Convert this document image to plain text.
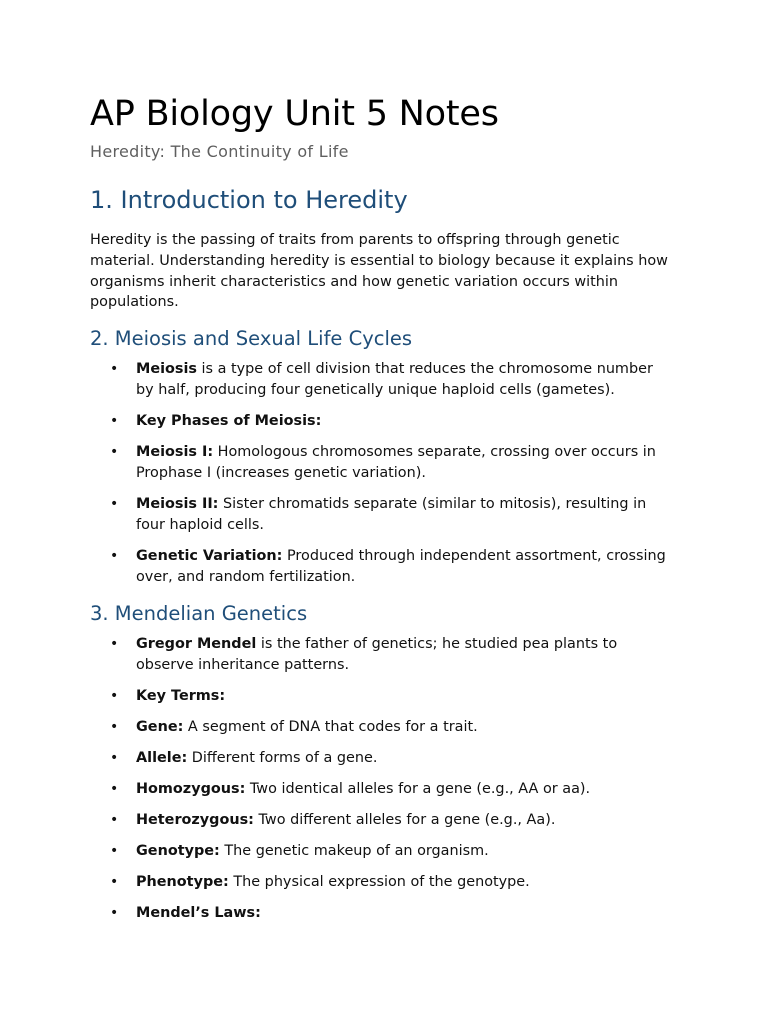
AP Biology Unit 5 Notes
Heredity: The Continuity of Life
1. Introduction to Heredity

Heredity is the passing of traits from parents to offspring through genetic material. Understanding heredity is essential to biology because it explains how organisms inherit characteristics and how genetic variation occurs within populations.

2. Meiosis and Sexual Life Cycles
• Meiosis is a type of cell division that reduces the chromosome number by half, producing four genetically unique haploid cells (gametes).
• Key Phases of Meiosis:
• Meiosis I: Homologous chromosomes separate, crossing over occurs in Prophase I (increases genetic variation).
• Meiosis II: Sister chromatids separate (similar to mitosis), resulting in four haploid cells.
• Genetic Variation: Produced through independent assortment, crossing over, and random fertilization.
3. Mendelian Genetics
• Gregor Mendel is the father of genetics; he studied pea plants to observe inheritance patterns.
• Key Terms:
• Gene: A segment of DNA that codes for a trait.
• Allele: Different forms of a gene.
• Homozygous: Two identical alleles for a gene (e.g., AA or aa).
• Heterozygous: Two different alleles for a gene (e.g., Aa).
• Genotype: The genetic makeup of an organism.
• Phenotype: The physical expression of the genotype.
• Mendel’s Laws:
